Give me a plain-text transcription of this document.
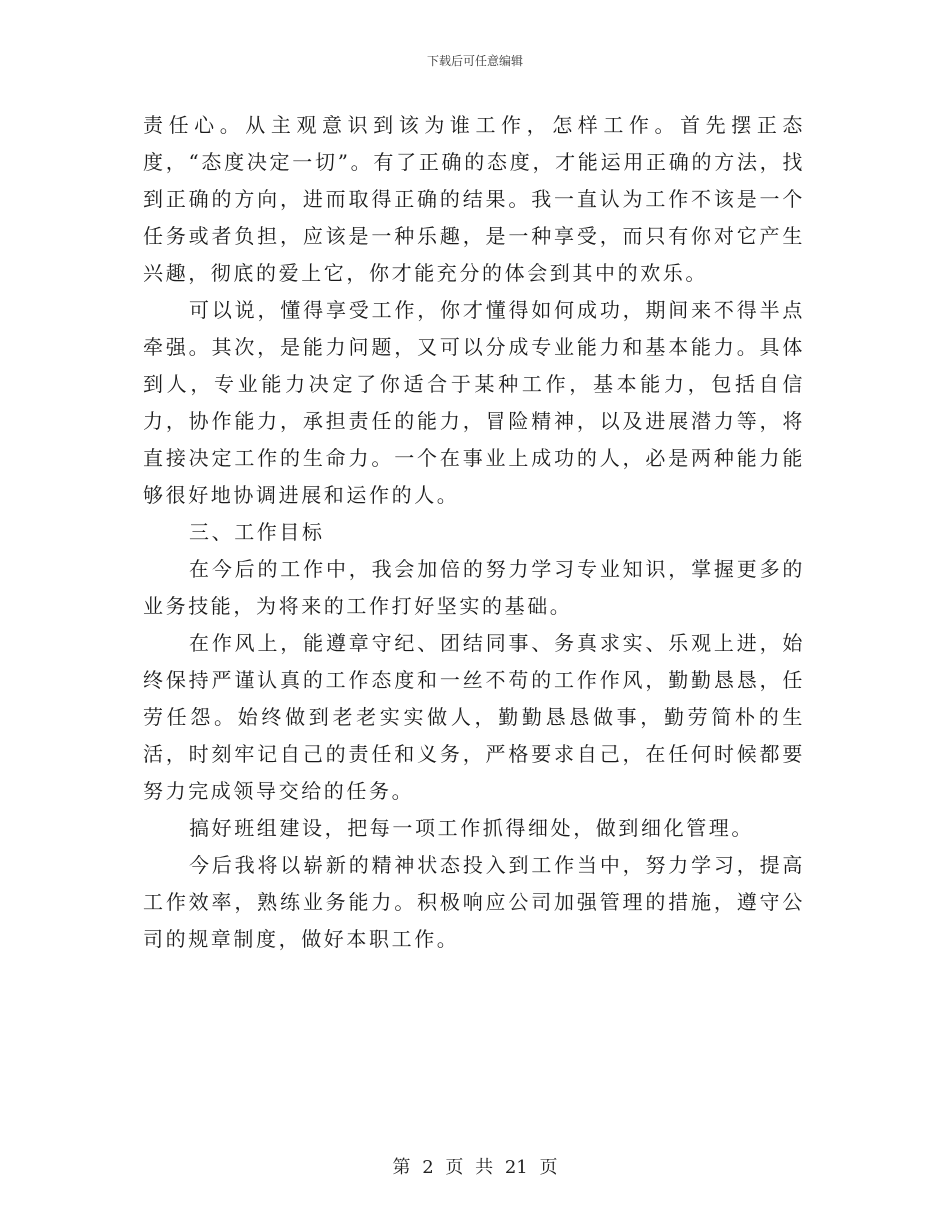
下载后可任意编辑

责任心。从主观意识到该为谁工作，怎样工作。首先摆正态度，“态度决定一切”。有了正确的态度，才能运用正确的方法，找到正确的方向，进而取得正确的结果。我一直认为工作不该是一个任务或者负担，应该是一种乐趣，是一种享受，而只有你对它产生兴趣，彻底的爱上它，你才能充分的体会到其中的欢乐。

可以说，懂得享受工作，你才懂得如何成功，期间来不得半点牵强。其次，是能力问题，又可以分成专业能力和基本能力。具体到人，专业能力决定了你适合于某种工作，基本能力，包括自信力，协作能力，承担责任的能力，冒险精神，以及进展潜力等，将直接决定工作的生命力。一个在事业上成功的人，必是两种能力能够很好地协调进展和运作的人。

三、工作目标

在今后的工作中，我会加倍的努力学习专业知识，掌握更多的业务技能，为将来的工作打好坚实的基础。

在作风上，能遵章守纪、团结同事、务真求实、乐观上进，始终保持严谨认真的工作态度和一丝不苟的工作作风，勤勤恳恳，任劳任怨。始终做到老老实实做人，勤勤恳恳做事，勤劳简朴的生活，时刻牢记自己的责任和义务，严格要求自己，在任何时候都要努力完成领导交给的任务。

搞好班组建设，把每一项工作抓得细处，做到细化管理。

今后我将以崭新的精神状态投入到工作当中，努力学习，提高工作效率，熟练业务能力。积极响应公司加强管理的措施，遵守公司的规章制度，做好本职工作。

第 2 页 共 21 页
